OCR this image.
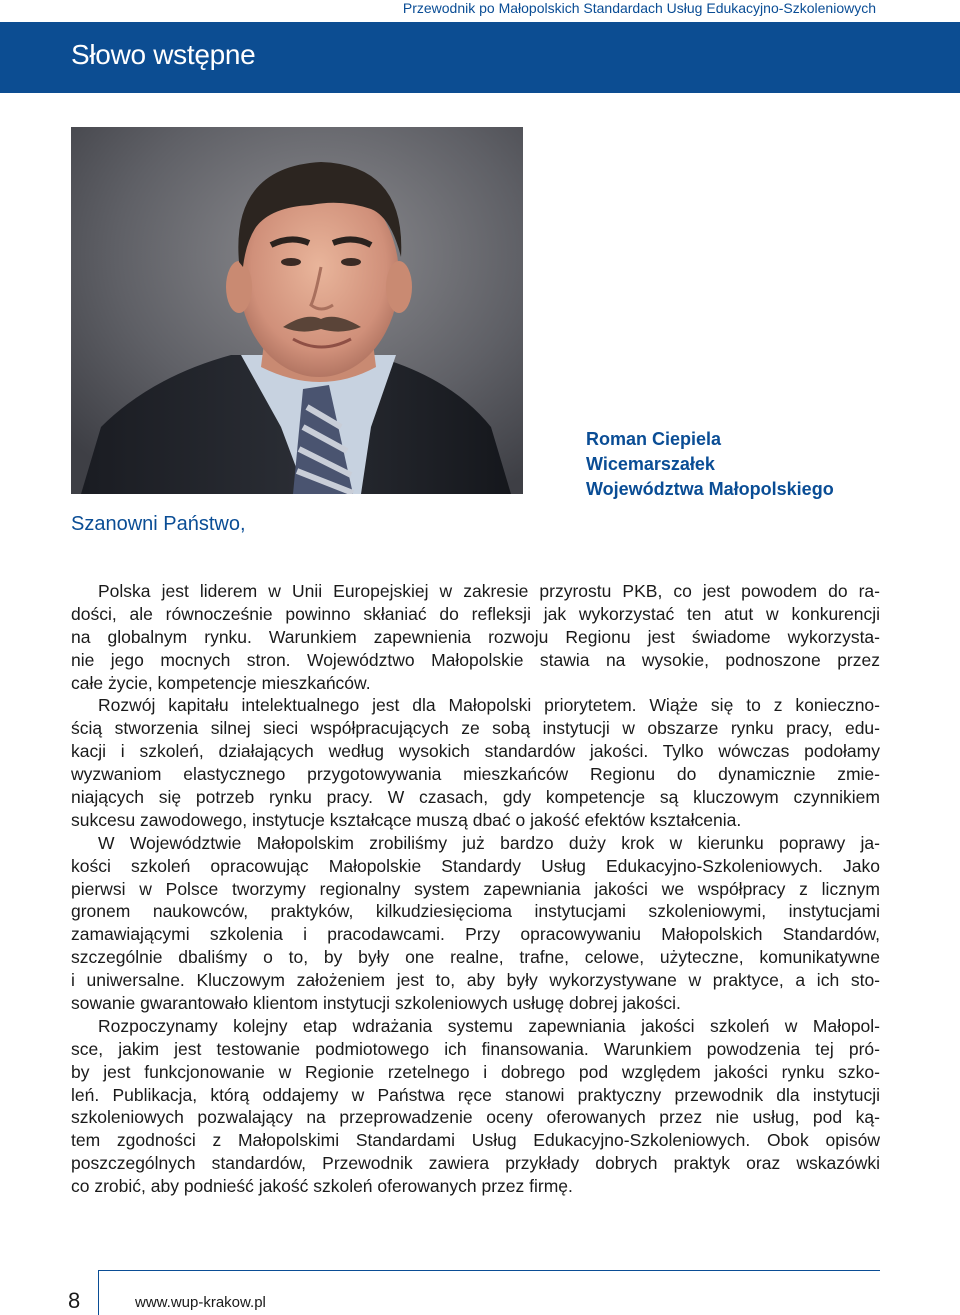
Przewodnik po Małopolskich Standardach Usług Edukacyjno-Szkoleniowych
Słowo wstępne
Roman Ciepiela
Wicemarszałek
Województwa Małopolskiego
Szanowni Państwo,
Polska jest liderem w Unii Europejskiej w zakresie przyrostu PKB, co jest powodem do ra-
dości, ale równocześnie powinno skłaniać do refleksji jak wykorzystać ten atut w konkurencji
na globalnym rynku. Warunkiem zapewnienia rozwoju Regionu jest świadome wykorzysta-
nie jego mocnych stron. Województwo Małopolskie stawia na wysokie, podnoszone przez
całe życie, kompetencje mieszkańców.
Rozwój kapitału intelektualnego jest dla Małopolski priorytetem. Wiąże się to z konieczno-
ścią stworzenia silnej sieci współpracujących ze sobą instytucji w obszarze rynku pracy, edu-
kacji i szkoleń, działających według wysokich standardów jakości. Tylko wówczas podołamy
wyzwaniom elastycznego przygotowywania mieszkańców Regionu do dynamicznie zmie-
niających się potrzeb rynku pracy. W czasach, gdy kompetencje są kluczowym czynnikiem
sukcesu zawodowego, instytucje kształcące muszą dbać o jakość efektów kształcenia.
W Województwie Małopolskim zrobiliśmy już bardzo duży krok w kierunku poprawy ja-
kości szkoleń opracowując Małopolskie Standardy Usług Edukacyjno-Szkoleniowych. Jako
pierwsi w Polsce tworzymy regionalny system zapewniania jakości we współpracy z licznym
gronem naukowców, praktyków, kilkudziesięcioma instytucjami szkoleniowymi, instytucjami
zamawiającymi szkolenia i pracodawcami. Przy opracowywaniu Małopolskich Standardów,
szczególnie dbaliśmy o to, by były one realne, trafne, celowe, użyteczne, komunikatywne
i uniwersalne. Kluczowym założeniem jest to, aby były wykorzystywane w praktyce, a ich sto-
sowanie gwarantowało klientom instytucji szkoleniowych usługę dobrej jakości.
Rozpoczynamy kolejny etap wdrażania systemu zapewniania jakości szkoleń w Małopol-
sce, jakim jest testowanie podmiotowego ich finansowania. Warunkiem powodzenia tej pró-
by jest funkcjonowanie w Regionie rzetelnego i dobrego pod względem jakości rynku szko-
leń. Publikacja, którą oddajemy w Państwa ręce stanowi praktyczny przewodnik dla instytucji
szkoleniowych pozwalający na przeprowadzenie oceny oferowanych przez nie usług, pod ką-
tem zgodności z Małopolskimi Standardami Usług Edukacyjno-Szkoleniowych. Obok opisów
poszczególnych standardów, Przewodnik zawiera przykłady dobrych praktyk oraz wskazówki
co zrobić, aby podnieść jakość szkoleń oferowanych przez firmę.
8	www.wup-krakow.pl
